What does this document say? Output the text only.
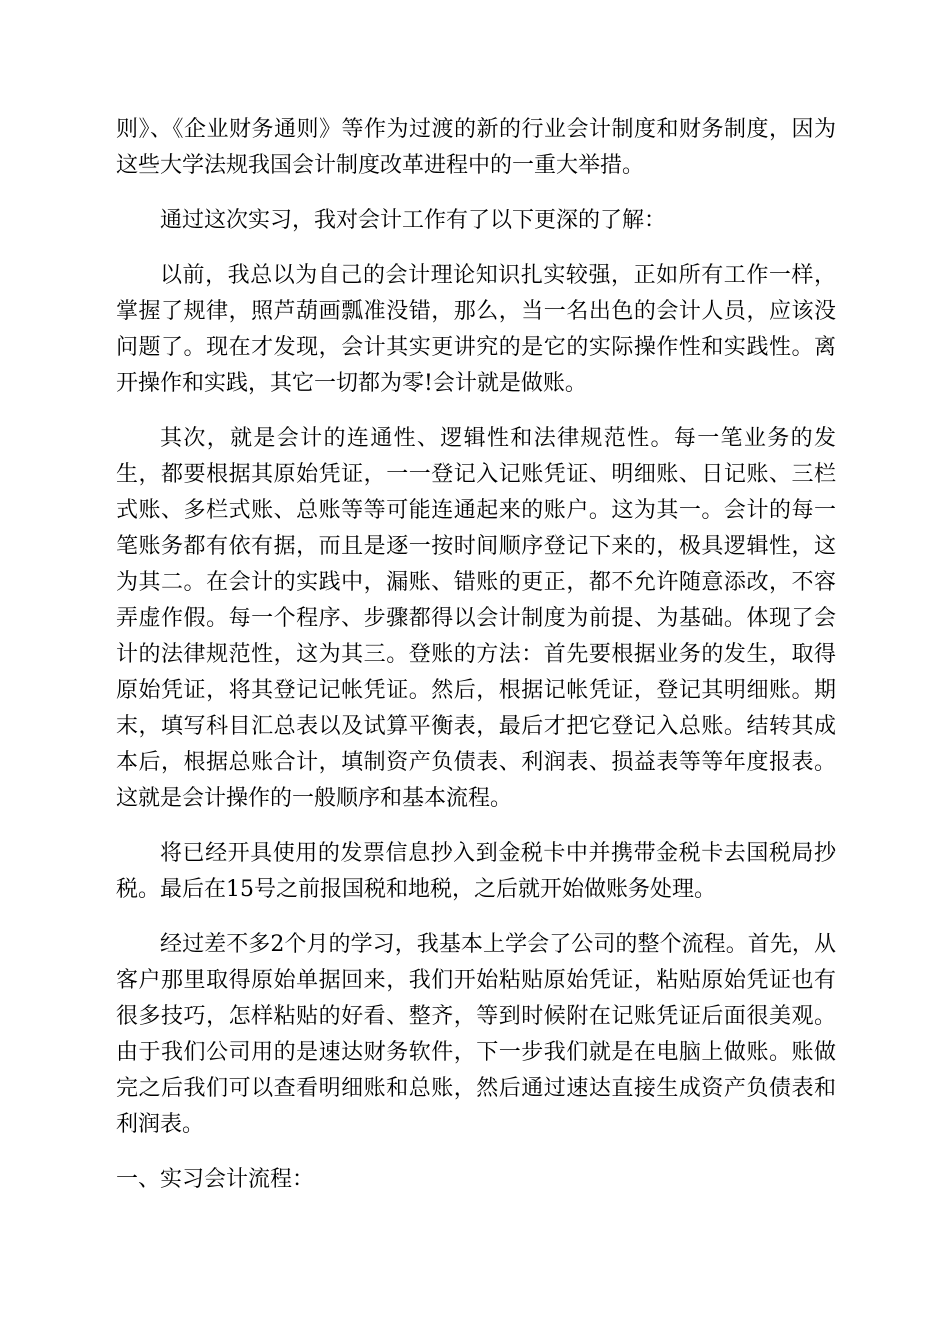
则》、《企业财务通则》等作为过渡的新的行业会计制度和财务制度，因为这些大学法规我国会计制度改革进程中的一重大举措。

通过这次实习，我对会计工作有了以下更深的了解：

以前，我总以为自己的会计理论知识扎实较强，正如所有工作一样，掌握了规律，照芦葫画瓢准没错，那么，当一名出色的会计人员，应该没问题了。现在才发现，会计其实更讲究的是它的实际操作性和实践性。离开操作和实践，其它一切都为零!会计就是做账。

其次，就是会计的连通性、逻辑性和法律规范性。每一笔业务的发生，都要根据其原始凭证，一一登记入记账凭证、明细账、日记账、三栏式账、多栏式账、总账等等可能连通起来的账户。这为其一。会计的每一笔账务都有依有据，而且是逐一按时间顺序登记下来的，极具逻辑性，这为其二。在会计的实践中，漏账、错账的更正，都不允许随意添改，不容弄虚作假。每一个程序、步骤都得以会计制度为前提、为基础。体现了会计的法律规范性，这为其三。登账的方法：首先要根据业务的发生，取得原始凭证，将其登记记帐凭证。然后，根据记帐凭证，登记其明细账。期末，填写科目汇总表以及试算平衡表，最后才把它登记入总账。结转其成本后，根据总账合计，填制资产负债表、利润表、损益表等等年度报表。这就是会计操作的一般顺序和基本流程。

将已经开具使用的发票信息抄入到金税卡中并携带金税卡去国税局抄税。最后在15号之前报国税和地税，之后就开始做账务处理。

经过差不多2个月的学习，我基本上学会了公司的整个流程。首先，从客户那里取得原始单据回来，我们开始粘贴原始凭证，粘贴原始凭证也有很多技巧，怎样粘贴的好看、整齐，等到时候附在记账凭证后面很美观。由于我们公司用的是速达财务软件，下一步我们就是在电脑上做账。账做完之后我们可以查看明细账和总账，然后通过速达直接生成资产负债表和利润表。

一、实习会计流程：
